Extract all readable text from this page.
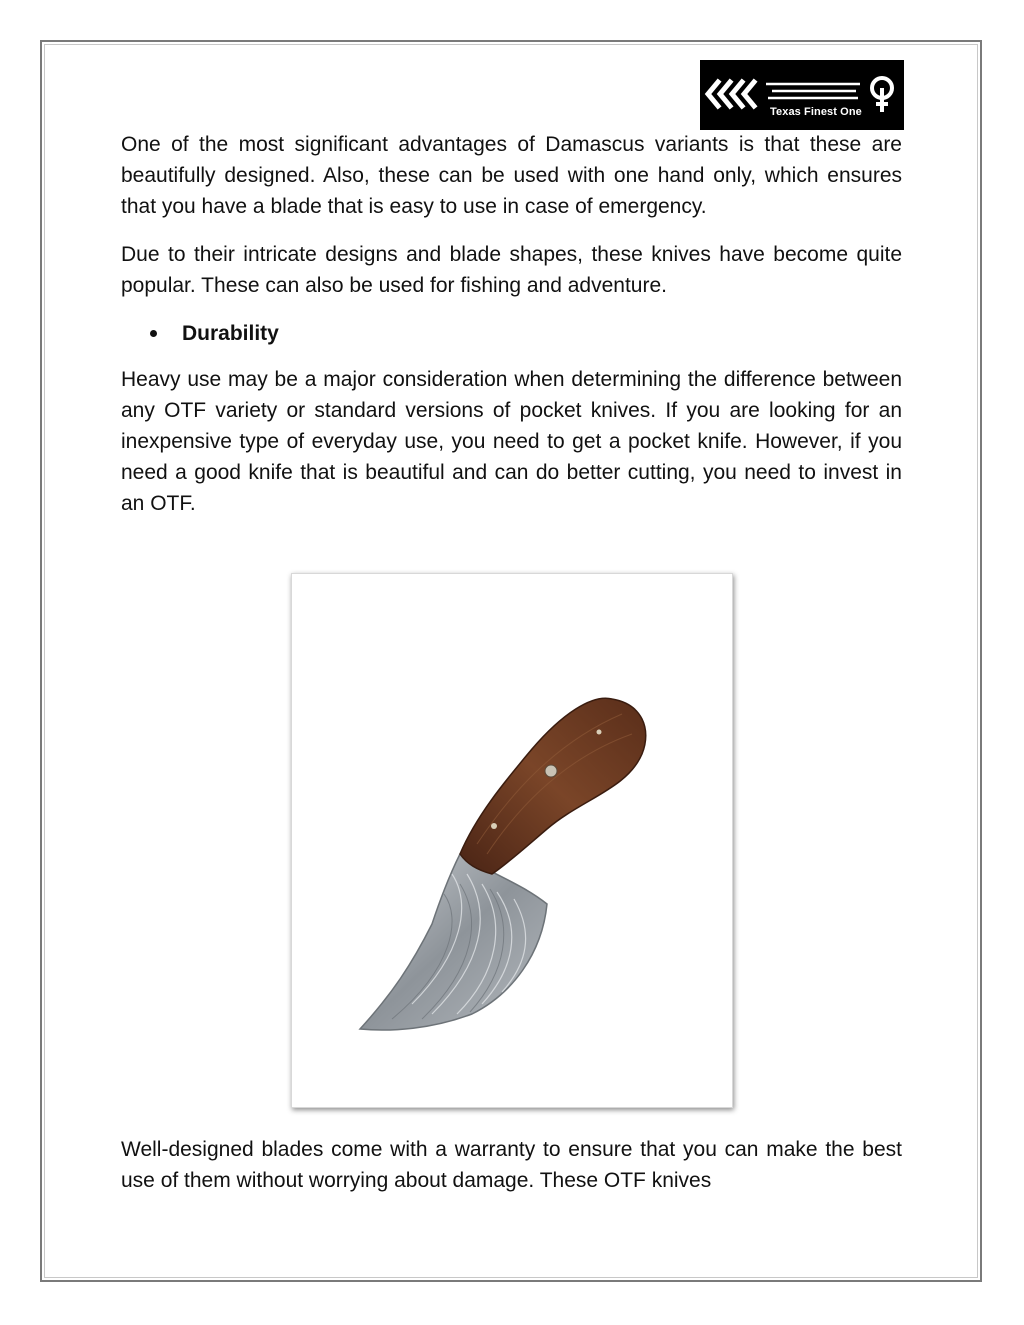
Texas Finest One

One of the most significant advantages of Damascus variants is that these are beautifully designed. Also, these can be used with one hand only, which ensures that you have a blade that is easy to use in case of emergency.

Due to their intricate designs and blade shapes, these knives have become quite popular. These can also be used for fishing and adventure.

Durability

Heavy use may be a major consideration when determining the difference between any OTF variety or standard versions of pocket knives. If you are looking for an inexpensive type of everyday use, you need to get a pocket knife. However, if you need a good knife that is beautiful and can do better cutting, you need to invest in an OTF.

Well-designed blades come with a warranty to ensure that you can make the best use of them without worrying about damage. These OTF knives
